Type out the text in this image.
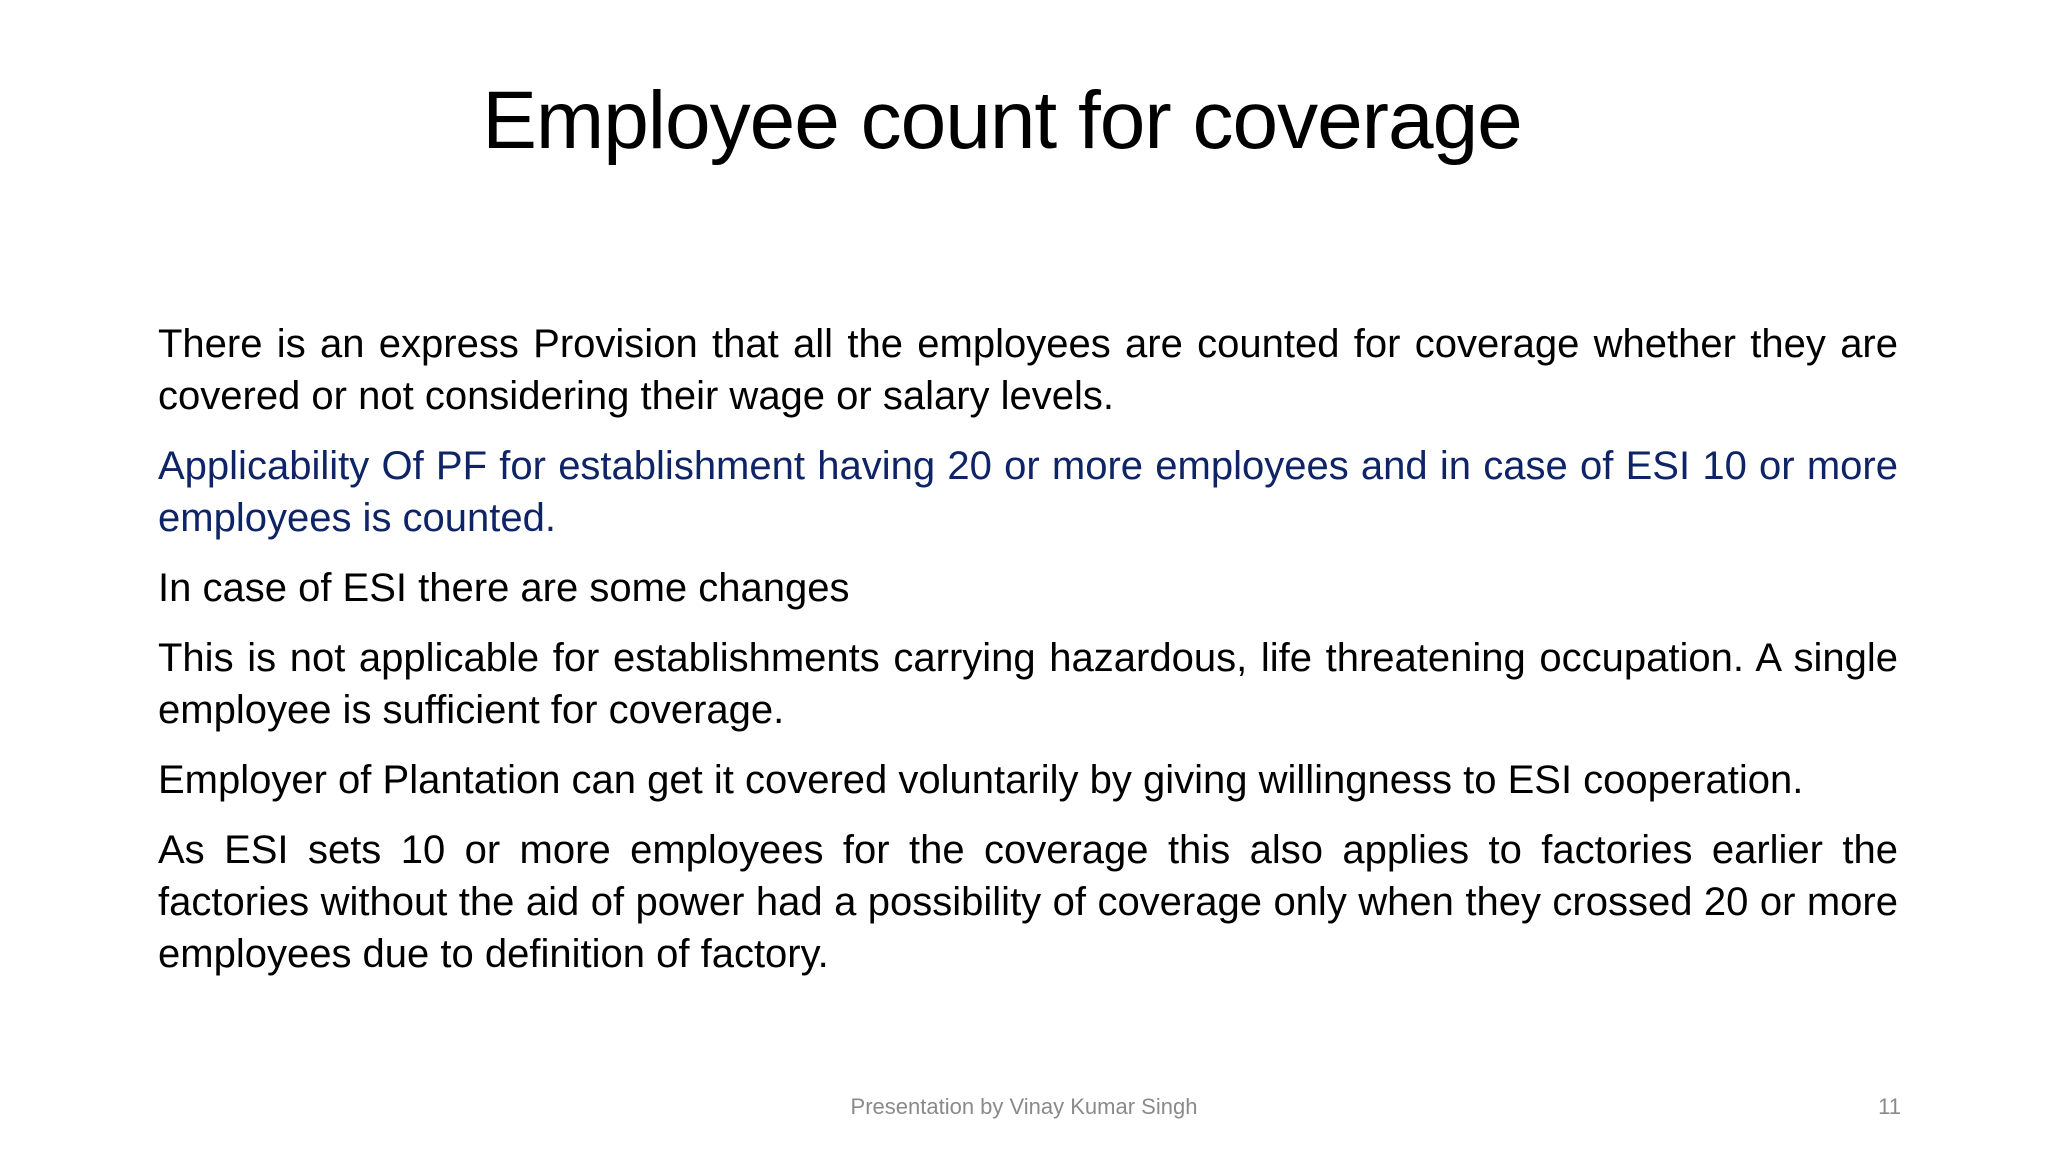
Employee count for coverage

There is an express Provision that all the employees are counted for coverage whether they are covered or not considering their wage or salary levels.

Applicability Of PF for establishment having 20 or more employees and in case of ESI 10 or more employees is counted.

In case of ESI there are some changes

This is not applicable for establishments carrying hazardous, life threatening occupation. A single employee is sufficient for coverage.

Employer of Plantation can get it covered voluntarily by giving willingness to ESI cooperation.

As ESI sets 10 or more employees for the coverage this also applies to factories earlier the factories without the aid of power had a possibility of coverage only when they crossed 20 or more employees due to definition of factory.

Presentation by Vinay Kumar Singh	11
